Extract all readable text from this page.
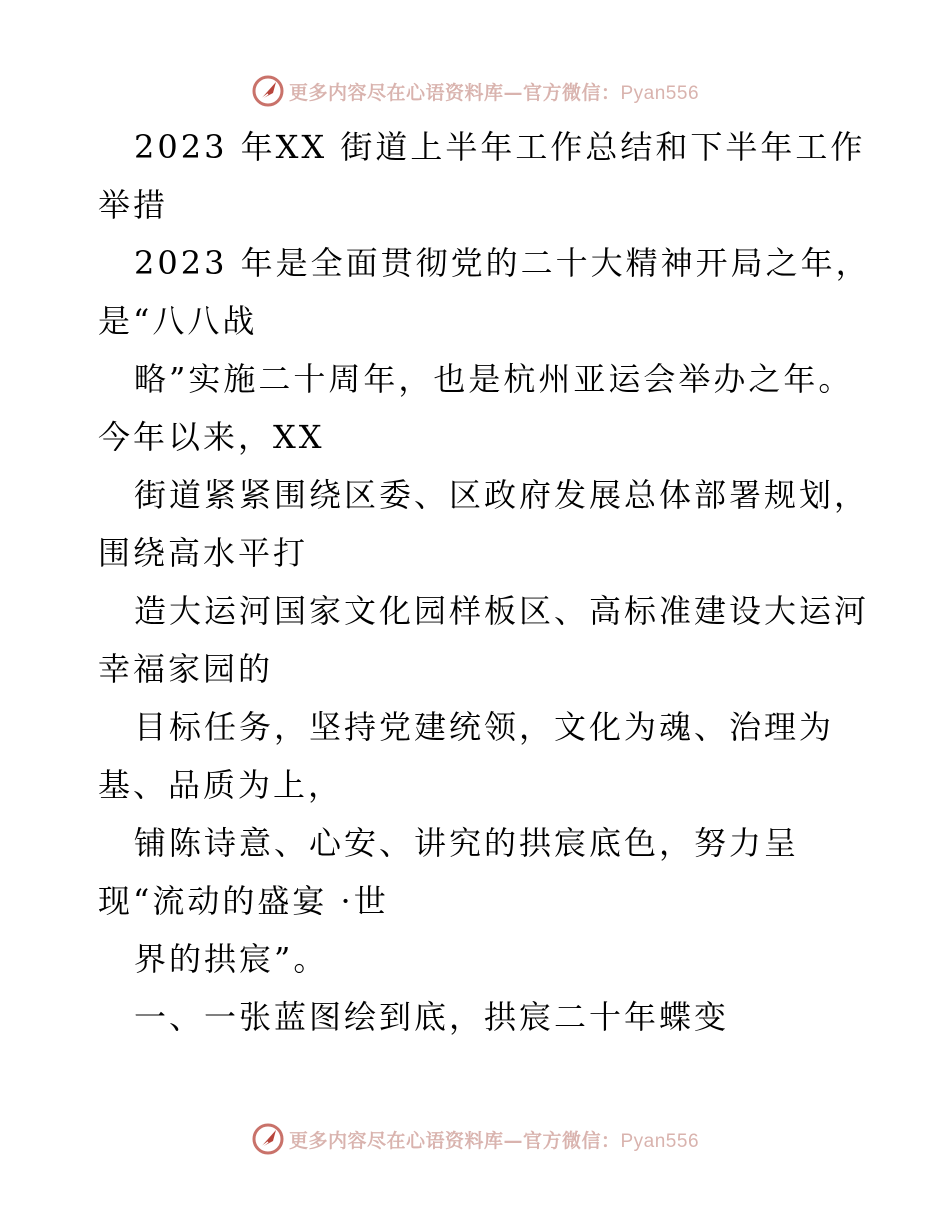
更多内容尽在心语资料库—官方微信：Pyan556
2023 年XX 街道上半年工作总结和下半年工作
举措
2023 年是全面贯彻党的二十大精神开局之年，
是“八八战
略”实施二十周年，也是杭州亚运会举办之年。
今年以来，XX
街道紧紧围绕区委、区政府发展总体部署规划，
围绕高水平打
造大运河国家文化园样板区、高标准建设大运河
幸福家园的
目标任务，坚持党建统领，文化为魂、治理为
基、品质为上，
铺陈诗意、心安、讲究的拱宸底色，努力呈
现“流动的盛宴 ·世
界的拱宸”。
一、一张蓝图绘到底，拱宸二十年蝶变
更多内容尽在心语资料库—官方微信：Pyan556
